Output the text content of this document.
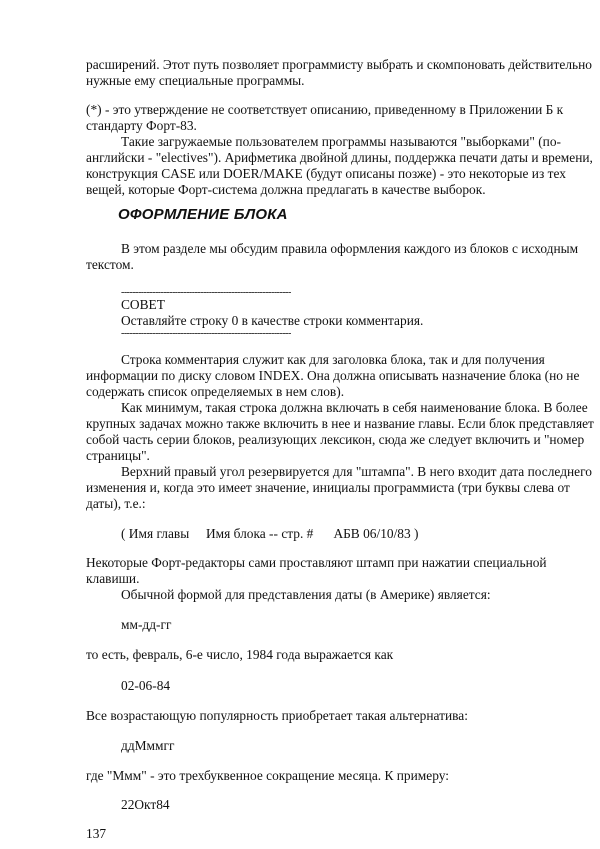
расширений. Этот путь позволяет программисту выбрать и скомпоновать действительно
нужные ему специальные программы.
(*) - это утверждение не соответствует описанию, приведенному в Приложении Б к
стандарту Форт-83.
Такие загружаемые пользователем программы называются "выборками" (по-
английски - "electives"). Арифметика двойной длины, поддержка печати даты и времени,
конструкция CASE или DOER/MAKE (будут описаны позже) - это некоторые из тех
вещей, которые Форт-система должна предлагать в качестве выборок.
ОФОРМЛЕНИЕ БЛОКА
В этом разделе мы обсудим правила оформления каждого из блоков с исходным
текстом.
------------------------------------------------------------
СОВЕТ
Оставляйте строку 0 в качестве строки комментария.
------------------------------------------------------------
Строка комментария служит как для заголовка блока, так и для получения
информации по диску словом INDEX. Она должна описывать назначение блока (но не
содержать список определяемых в нем слов).
Как минимум, такая строка должна включать в себя наименование блока. В более
крупных задачах можно также включить в нее и название главы. Если блок представляет
собой часть серии блоков, реализующих лексикон, сюда же следует включить и "номер
страницы".
Верхний правый угол резервируется для "штампа". В него входит дата последнего
изменения и, когда это имеет значение, инициалы программиста (три буквы слева от
даты), т.е.:
( Имя главы     Имя блока -- стр. #      АБВ 06/10/83 )
Некоторые Форт-редакторы сами проставляют штамп при нажатии специальной
клавиши.
Обычной формой для представления даты (в Америке) является:
мм-дд-гг
то есть, февраль, 6-е число, 1984 года выражается как
02-06-84
Все возрастающую популярность приобретает такая альтернатива:
ддМммгг
где "Ммм" - это трехбуквенное сокращение месяца. К примеру:
22Окт84
137
